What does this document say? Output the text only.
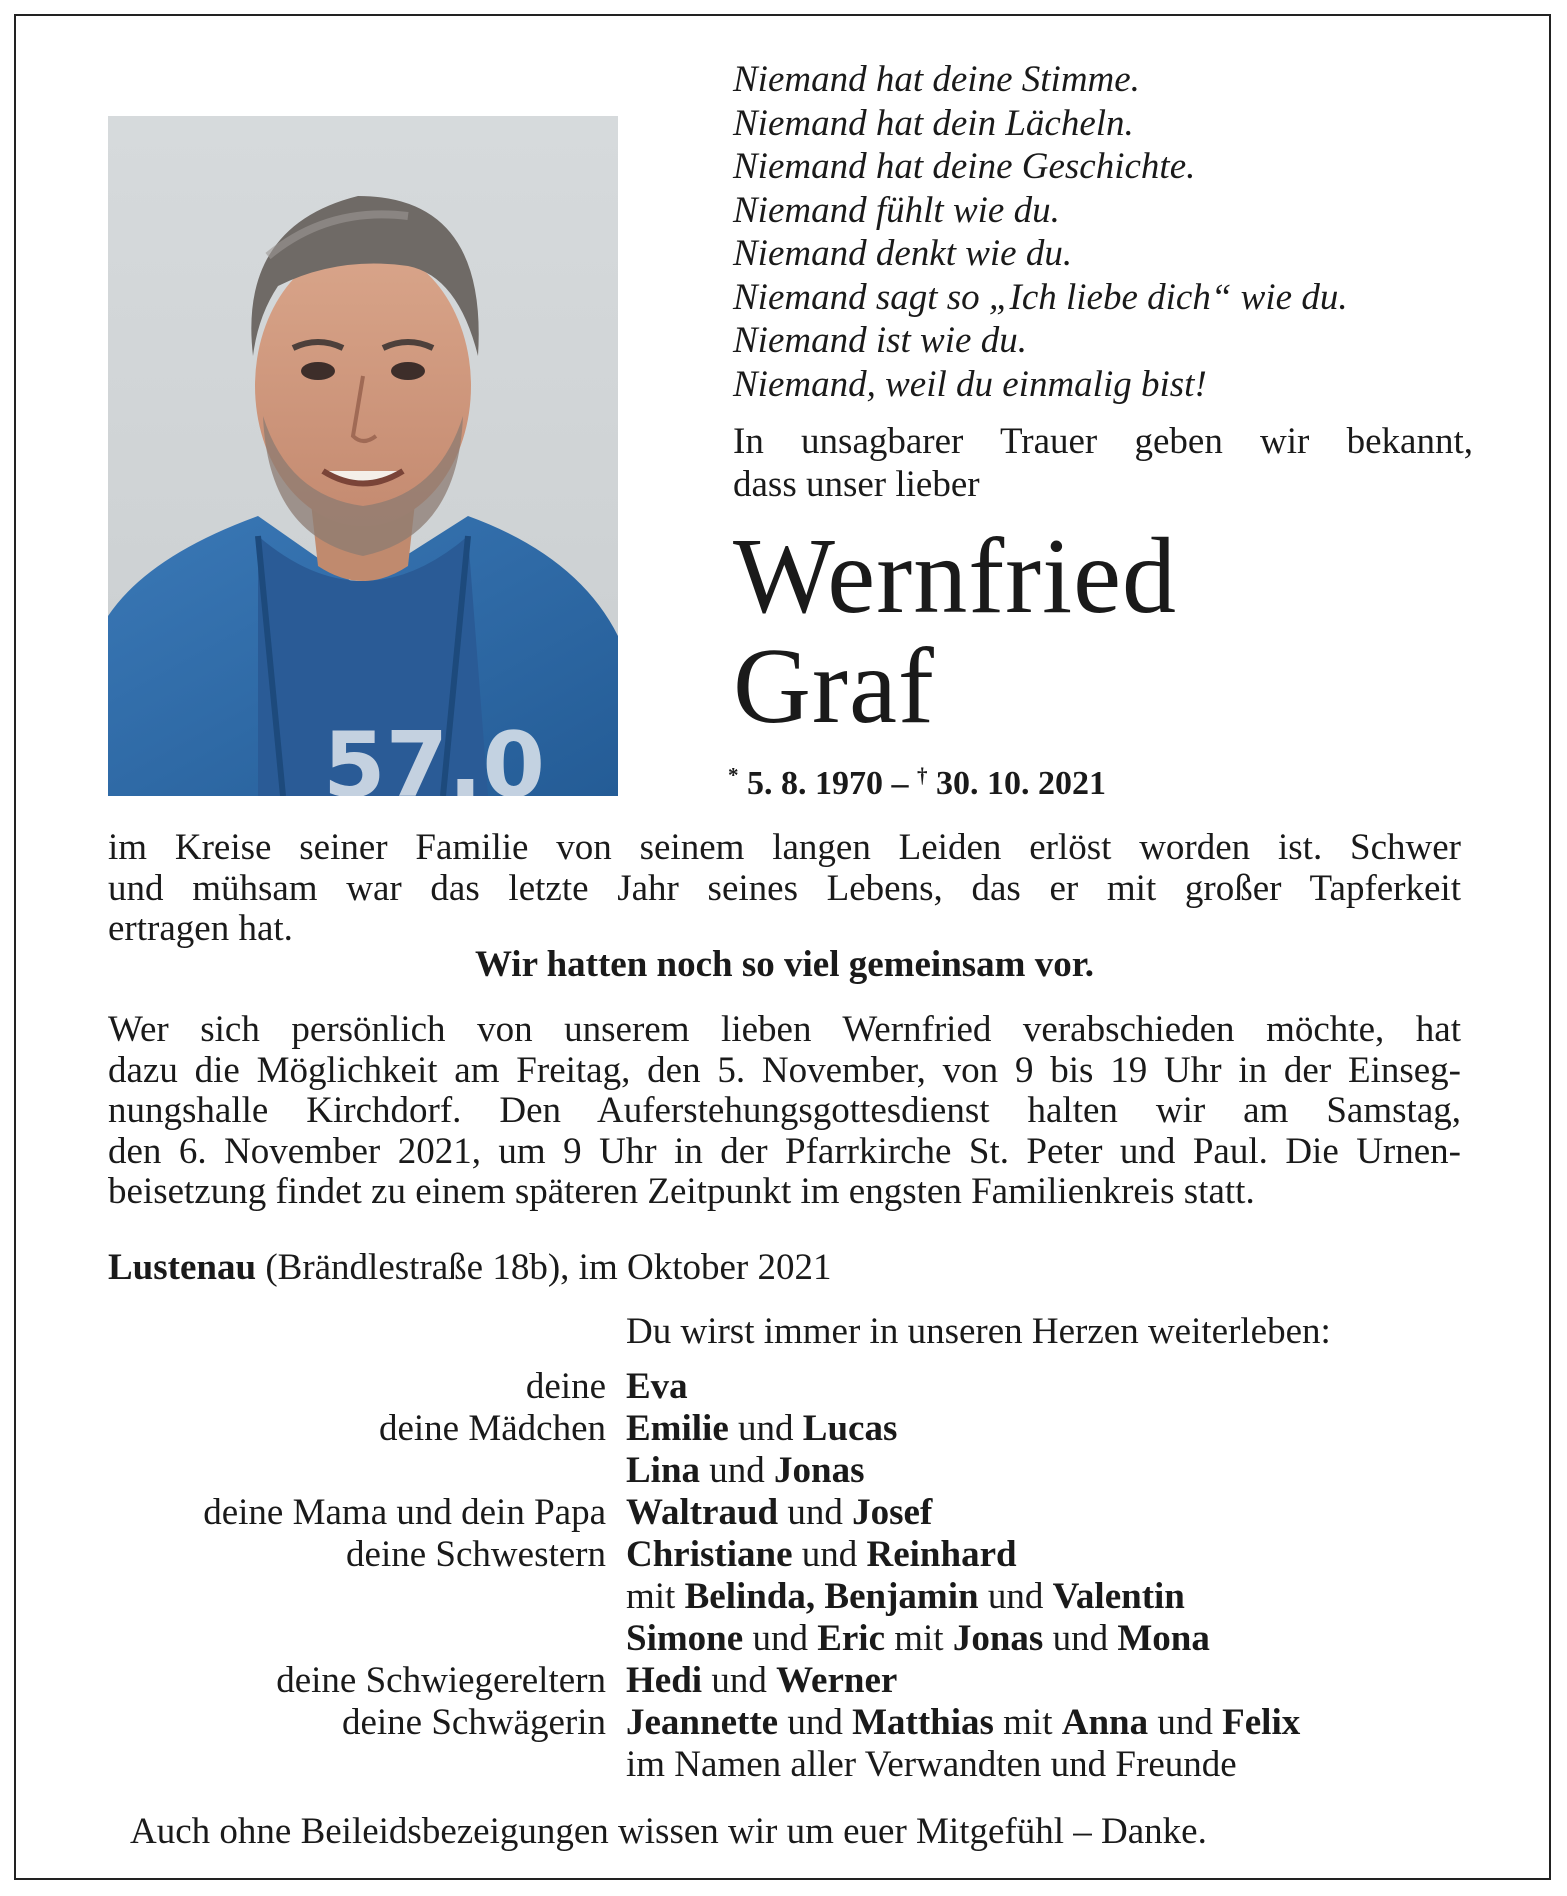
57.0
Niemand hat deine Stimme.
Niemand hat dein Lächeln.
Niemand hat deine Geschichte.
Niemand fühlt wie du.
Niemand denkt wie du.
Niemand sagt so „Ich liebe dich“ wie du.
Niemand ist wie du.
Niemand, weil du einmalig bist!
In unsagbarer Trauer geben wir bekannt,
dass unser lieber
Wernfried
Graf
* 5. 8. 1970 – † 30. 10. 2021
im Kreise seiner Familie von seinem langen Leiden erlöst worden ist. Schwer
und mühsam war das letzte Jahr seines Lebens, das er mit großer Tapferkeit
ertragen hat.
Wir hatten noch so viel gemeinsam vor.
Wer sich persönlich von unserem lieben Wernfried verabschieden möchte, hat
dazu die Möglichkeit am Freitag, den 5. November, von 9 bis 19 Uhr in der Einseg-
nungshalle Kirchdorf. Den Auferstehungsgottesdienst halten wir am Samstag,
den 6. November 2021, um 9 Uhr in der Pfarrkirche St. Peter und Paul. Die Urnen-
beisetzung findet zu einem späteren Zeitpunkt im engsten Familienkreis statt.
Lustenau (Brändlestraße 18b), im Oktober 2021
Du wirst immer in unseren Herzen weiterleben:
deine Eva
deine Mädchen Emilie und Lucas
Lina und Jonas
deine Mama und dein Papa Waltraud und Josef
deine Schwestern Christiane und Reinhard
mit Belinda, Benjamin und Valentin
Simone und Eric mit Jonas und Mona
deine Schwiegereltern Hedi und Werner
deine Schwägerin Jeannette und Matthias mit Anna und Felix
im Namen aller Verwandten und Freunde
Auch ohne Beileidsbezeigungen wissen wir um euer Mitgefühl – Danke.
